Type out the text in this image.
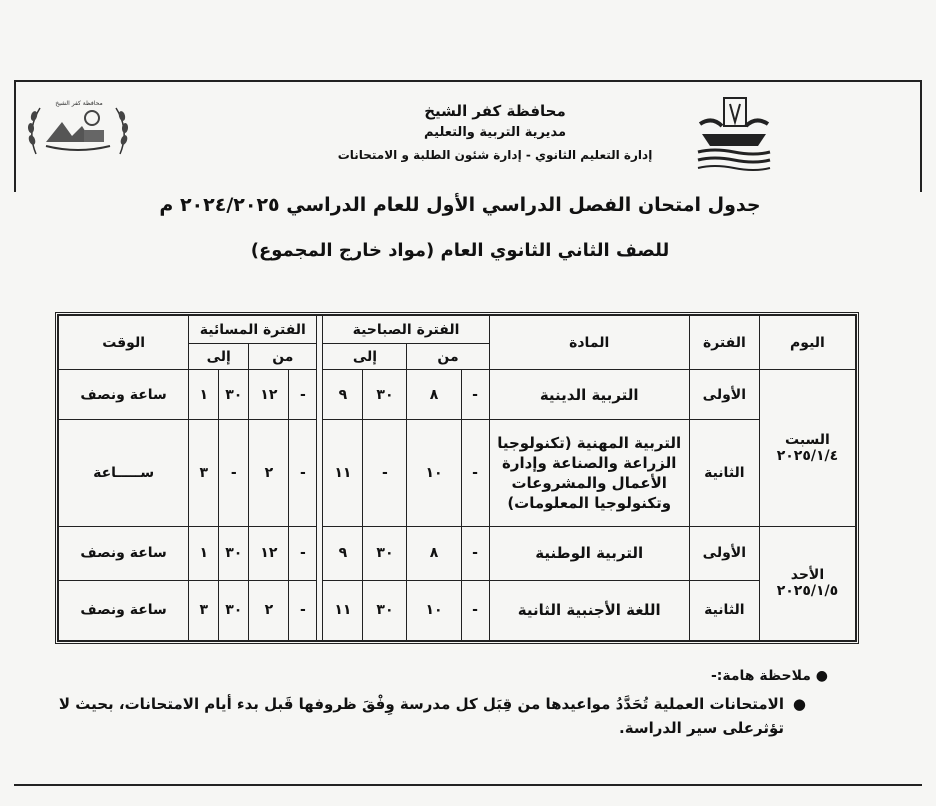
محافظة كفر الشيخ	محافظة كفر الشيخ
مديرية التربية والتعليم
إدارة التعليم الثانوي - إدارة شئون الطلبة و الامتحانات
جدول امتحان الفصل الدراسي الأول للعام الدراسي ٢٠٢٤/٢٠٢٥ م
للصف الثاني الثانوي العام (مواد خارج المجموع)
اليوم	الفترة	المادة	الفترة الصباحية					الفترة المسائية				الوقت
			من		إلى			من		إلى		

السبت
٢٠٢٥/١/٤	الأولى	التربية الدينية	-	٨	٣٠	٩		-	١٢	٣٠	١	ساعة ونصف
	الثانية	التربية المهنية (تكنولوجيا الزراعة والصناعة وإدارة الأعمال والمشروعات وتكنولوجيا المعلومات)	-	١٠	-	١١		-	٢	-	٣	ســـــاعة

الأحد
٢٠٢٥/١/٥	الأولى	التربية الوطنية	-	٨	٣٠	٩		-	١٢	٣٠	١	ساعة ونصف
	الثانية	اللغة الأجنبية الثانية	-	١٠	٣٠	١١		-	٢	٣٠	٣	ساعة ونصف
● ملاحظة هامة:-
●
الامتحانات العملية تُحَدَّدُ مواعيدها من قِبَل كل مدرسة وِفْقَ ظروفها قَبل بدء أيام الامتحانات، بحيث لا تؤثرعلى سير الدراسة.
